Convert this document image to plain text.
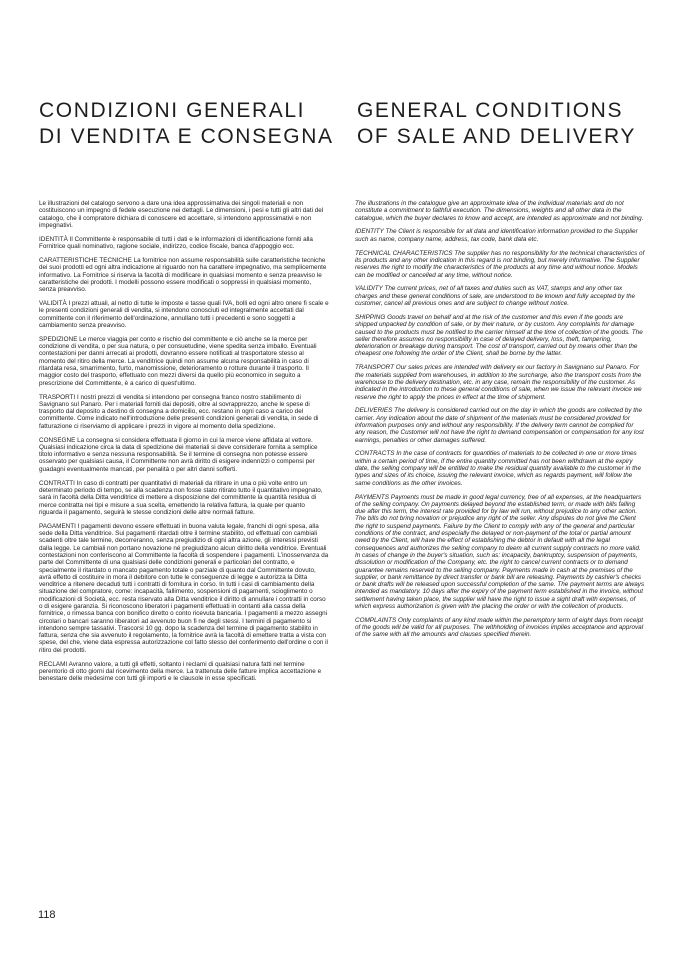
CONDIZIONI GENERALI
DI VENDITA E CONSEGNA
GENERAL CONDITIONS
OF SALE AND DELIVERY

Le illustrazioni del catalogo servono a dare una idea approssimativa dei singoli materiali e non costituiscono un impegno di fedele esecuzione nei dettagli. Le dimensioni, i pesi e tutti gli altri dati del catalogo, che il compratore dichiara di conoscere ed accettare, si intendono approssimativi e non impegnativi.

IDENTITÀ Il Committente è responsabile di tutti i dati e le informazioni di identificazione forniti alla Fornitrice quali nominativo, ragione sociale, indirizzo, codice fiscale, banca d'appoggio ecc.

CARATTERISTICHE TECNICHE La fornitrice non assume responsabilità sulle caratteristiche tecniche dei suoi prodotti ed ogni altra indicazione al riguardo non ha carattere impegnativo, ma semplicemente informativo. La Fornitrice si riserva la facoltà di modificare in qualsiasi momento e senza preavviso le caratteristiche dei prodotti. I modelli possono essere modificati o soppressi in qualsiasi momento, senza preavviso.

VALIDITÀ I prezzi attuali, al netto di tutte le imposte e tasse quali IVA, bolli ed ogni altro onere fi scale e le presenti condizioni generali di vendita, si intendono conosciuti ed integralmente accettati dal committente con il riferimento dell'ordinazione, annullano tutti i precedenti e sono soggetti a cambiamento senza preavviso.

SPEDIZIONE Le merce viaggia per conto e rischio del committente e ciò anche se la merce per condizione di vendita, o per sua natura, o per consuetudine, viene spedita senza imballo. Eventuali contestazioni per danni arrecati ai prodotti, dovranno essere notificati al trasportatore stesso al momento del ritiro della merce. La venditrice quindi non assume alcuna responsabilità in caso di ritardata resa, smarrimento, furto, manomissione, deterioramento o rotture durante il trasporto. Il maggior costo del trasporto, effettuato con mezzi diversi da quello più economico in seguito a prescrizione del Committente, è a carico di quest'ultimo.

TRASPORTI I nostri prezzi di vendita si intendono per consegna franco nostro stabilimento di Savignano sul Panaro. Per i materiali forniti dai depositi, oltre al sovrapprezzo, anche le spese di trasporto dal deposito a destino di consegna a domicilio, ecc. restano in ogni caso a carico del committente. Come indicato nell'introduzione delle presenti condizioni generali di vendita, in sede di fatturazione ci riserviamo di applicare i prezzi in vigore al momento della spedizione.

CONSEGNE La consegna si considera effettuata il giorno in cui la merce viene affidata al vettore. Qualsiasi indicazione circa la data di spedizione dei materiali si deve considerare fornita a semplice titolo informativo e senza nessuna responsabilità. Se il termine di consegna non potesse essere osservato per qualsiasi causa, il Committente non avrà diritto di esigere indennizzi o compensi per guadagni eventualmente mancati, per penalità o per altri danni sofferti.

CONTRATTI In caso di contratti per quantitativi di materiali da ritirare in una o più volte entro un determinato periodo di tempo, se alla scadenza non fosse stato ritirato tutto il quantitativo impegnato, sarà in facoltà della Ditta venditrice di mettere a disposizione del committente la quantità residua di merce contratta nei tipi e misure a sua scelta, emettendo la relativa fattura, la quale per quanto riguarda il pagamento, seguirà le stesse condizioni delle altre normali fatture.

PAGAMENTI I pagamenti devono essere effettuati in buona valuta legale, franchi di ogni spesa, alla sede della Ditta venditrice. Sui pagamenti ritardati oltre il termine stabilito, od effettuati con cambiali scadenti oltre tale termine, decorreranno, senza pregiudizio di ogni altra azione, gli interessi previsti dalla legge. Le cambiali non portano novazione né pregiudizano alcun diritto della venditrice. Eventuali contestazioni non conferiscono al Committente la facoltà di sospendere i pagamenti. L'inosservanza da parte del Committente di una qualsiasi delle condizioni generali e particolari del contratto, e specialmente il ritardato o mancato pagamento totale o parziale di quanto dal Committente dovuto, avrà effetto di costituire in mora il debitore con tutte le conseguenze di legge e autorizza la Ditta venditrice a ritenere decaduti tutti i contratti di fornitura in corso. In tutti i casi di cambiamento della situazione del compratore, come: incapacità, fallimento, sospensioni di pagamenti, scioglimento o modificazioni di Società, ecc. resta riservato alla Ditta venditrice il diritto di annullare i contratti in corso o di esigere garanzia. Si riconoscono liberatori i pagamenti effettuati in contanti alla cassa della fornitrice, o rimessa banca con bonifico diretto o conto ricevuta bancaria. I pagamenti a mezzo assegni circolari o bancari saranno liberatori ad avvenuto buon fi ne degli stessi. I termini di pagamento si intendono sempre tassativi. Trascorsi 10 gg. dopo la scadenza del termine di pagamento stabilito in fattura, senza che sia avvenuto il regolamento, la fornitrice avrà la facoltà di emettere tratta a vista con spese, del che, viene data espressa autorizzazione col fatto stesso del conferimento dell'ordine o con il ritiro dei prodotti.

RECLAMI Avranno valore, a tutti gli effetti, soltanto i reclami di qualsiasi natura fatti nel termine perentorio di otto giorni dal ricevimento della merce. La trattenuta delle fatture implica accettazione e benestare delle medesime con tutti gli importi e le clausole in esse specificati.

The illustrations in the catalogue give an approximate idea of the individual materials and do not constitute a commitment to faithful execution. The dimensions, weights and all other data in the catalogue, which the buyer declares to know and accept, are intended as approximate and not binding.

IDENTITY The Client is responsible for all data and identification information provided to the Supplier such as name, company name, address, tax code, bank data etc.

TECHNICAL CHARACTERISTICS The supplier has no responsibility for the technical characteristics of its products and any other indication in this regard is not binding, but merely informative. The Supplier reserves the right to modify the characteristics of the products at any time and without notice. Models can be modified or cancelled at any time, without notice.

VALIDITY The current prices, net of all taxes and duties such as VAT, stamps and any other tax charges and these general conditions of sale, are understood to be known and fully accepted by the customer, cancel all previous ones and are subject to change without notice.

SHIPPING Goods travel on behalf and at the risk of the customer and this even if the goods are shipped unpacked by condition of sale, or by their nature, or by custom. Any complaints for damage caused to the products must be notified to the carrier himself at the time of collection of the goods. The seller therefore assumes no responsibility in case of delayed delivery, loss, theft, tampering, deterioration or breakage during transport. The cost of transport, carried out by means other than the cheapest one following the order of the Client, shall be borne by the latter.

TRANSPORT Our sales prices are intended with delivery ex our factory in Savignano sul Panaro. For the materials supplied from warehouses, in addition to the surcharge, also the transport costs from the warehouse to the delivery destination, etc. in any case, remain the responsibility of the customer. As indicated in the introduction to these general conditions of sale, when we issue the relevant invoice we reserve the right to apply the prices in effect at the time of shipment.

DELIVERIES The delivery is considered carried out on the day in which the goods are collected by the carrier. Any indication about the date of shipment of the materials must be considered provided for information purposes only and without any responsibility. If the delivery term cannot be complied for any reason, the Customer will not have the right to demand compensation or compensation for any lost earnings, penalties or other damages suffered.

CONTRACTS In the case of contracts for quantities of materials to be collected in one or more times within a certain period of time, if the entire quantity committed has not been withdrawn at the expiry date, the selling company will be entitled to make the residual quantity available to the customer in the types and sizes of its choice, issuing the relevant invoice, which as regards payment, will follow the same conditions as the other invoices.

PAYMENTS Payments must be made in good legal currency, free of all expenses, at the headquarters of the selling company. On payments delayed beyond the established term, or made with bills falling due after this term, the interest rate provided for by law will run, without prejudice to any other action. The bills do not bring novation or prejudice any right of the seller. Any disputes do not give the Client the right to suspend payments. Failure by the Client to comply with any of the general and particular conditions of the contract, and especially the delayed or non-payment of the total or partial amount owed by the Client, will have the effect of establishing the debtor in default with all the legal consequences and authorizes the selling company to deem all current supply contracts no more valid. In cases of change in the buyer's situation, such as: incapacity, bankruptcy, suspension of payments, dissolution or modification of the Company, etc. the right to cancel current contracts or to demand guarantee remains reserved to the selling company. Payments made in cash at the premises of the supplier, or bank remittance by direct transfer or bank bill are releasing. Payments by cashier's checks or bank drafts will be released upon successful completion of the same. The payment terms are always intended as mandatory. 10 days after the expiry of the payment term established in the invoice, without settlement having taken place, the supplier will have the right to issue a sight draft with expenses, of which express authorization is given with the placing the order or with the collection of products.

COMPLAINTS Only complaints of any kind made within the peremptory term of eight days from receipt of the goods will be valid for all purposes. The withholding of invoices implies acceptance and approval of the same with all the amounts and clauses specified therein.

118
